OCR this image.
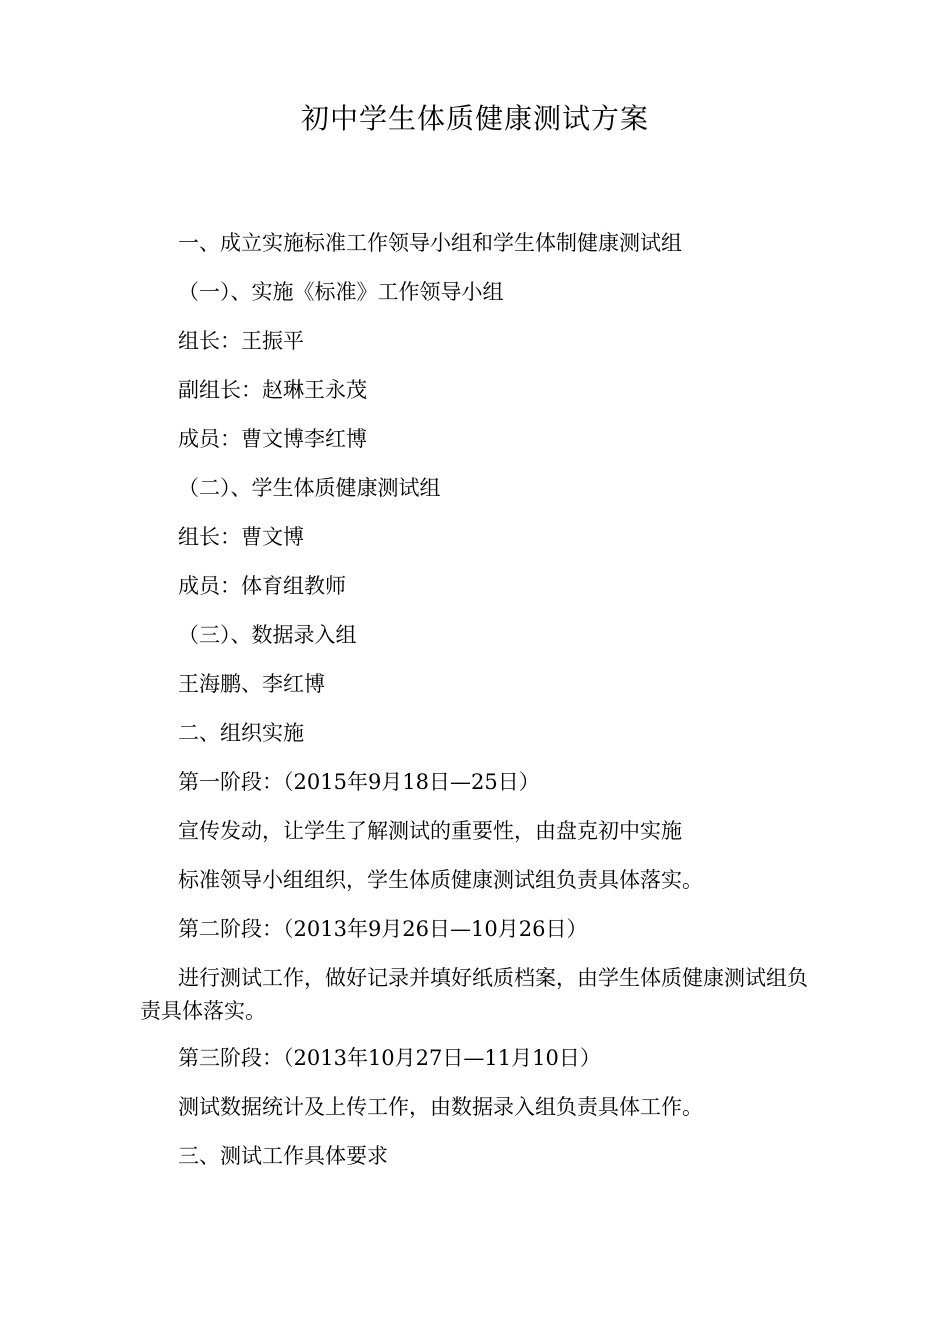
初中学生体质健康测试方案
一、成立实施标准工作领导小组和学生体制健康测试组
（一）、实施《标准》工作领导小组
组长：王振平
副组长：赵琳王永茂
成员：曹文博李红博
（二）、学生体质健康测试组
组长：曹文博
成员：体育组教师
（三）、数据录入组
王海鹏、李红博
二、组织实施
第一阶段：（2015年9月18日—25日）
宣传发动，让学生了解测试的重要性，由盘克初中实施
标准领导小组组织，学生体质健康测试组负责具体落实。
第二阶段：（2013年9月26日—10月26日）
进行测试工作，做好记录并填好纸质档案，由学生体质健康测试组负责具体落实。
第三阶段：（2013年10月27日—11月10日）
测试数据统计及上传工作，由数据录入组负责具体工作。
三、测试工作具体要求
